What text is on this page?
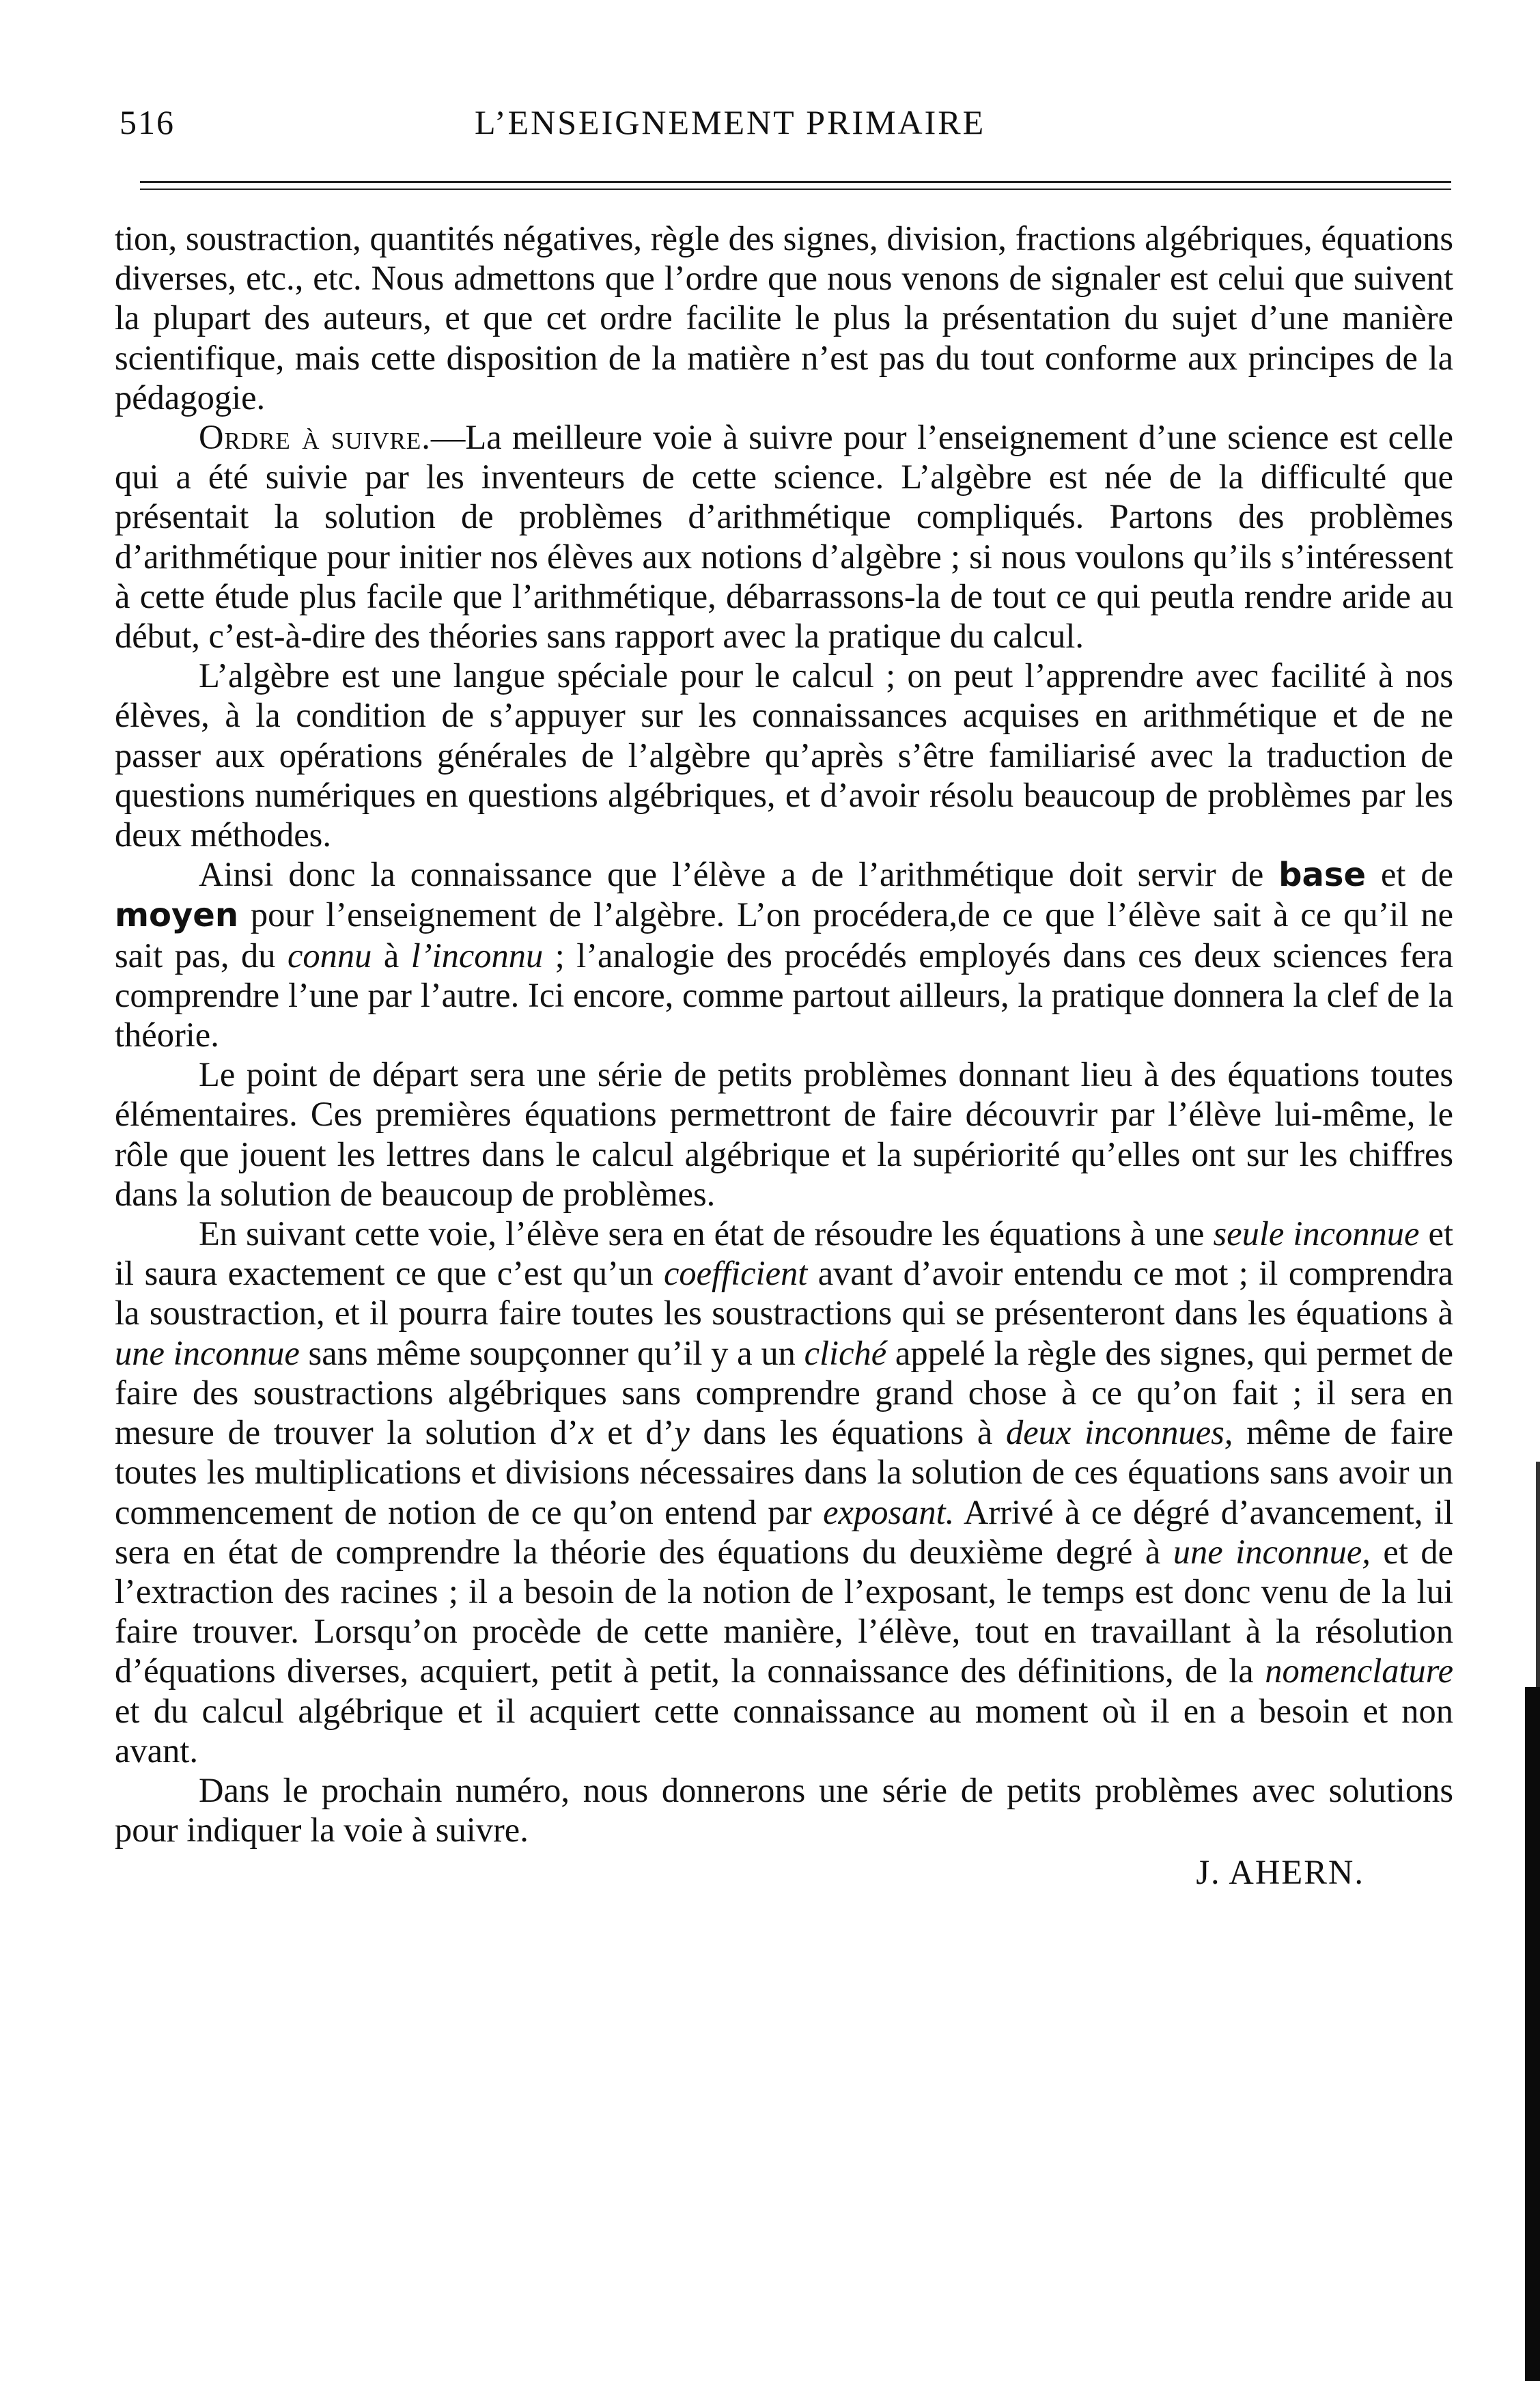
516	L’ENSEIGNEMENT PRIMAIRE

tion, soustraction, quantités négatives, règle des signes, division, fractions algébriques, équations diverses, etc., etc. Nous admettons que l’ordre que nous venons de signaler est celui que suivent la plupart des auteurs, et que cet ordre facilite le plus la présentation du sujet d’une manière scientifique, mais cette disposition de la matière n’est pas du tout conforme aux principes de la pédagogie.

Ordre à suivre.—La meilleure voie à suivre pour l’enseignement d’une science est celle qui a été suivie par les inventeurs de cette science. L’algèbre est née de la difficulté que présentait la solution de problèmes d’arithmétique compliqués. Partons des problèmes d’arithmétique pour initier nos élèves aux notions d’algèbre ; si nous voulons qu’ils s’intéressent à cette étude plus facile que l’arithmétique, débarrassons-la de tout ce qui peutla rendre aride au début, c’est-à-dire des théories sans rapport avec la pratique du calcul.

L’algèbre est une langue spéciale pour le calcul ; on peut l’apprendre avec facilité à nos élèves, à la condition de s’appuyer sur les connaissances acquises en arithmétique et de ne passer aux opérations générales de l’algèbre qu’après s’être familiarisé avec la traduction de questions numériques en questions algébriques, et d’avoir résolu beaucoup de problèmes par les deux méthodes.

Ainsi donc la connaissance que l’élève a de l’arithmétique doit servir de base et de moyen pour l’enseignement de l’algèbre. L’on procédera,de ce que l’élève sait à ce qu’il ne sait pas, du connu à l’inconnu ; l’analogie des procédés employés dans ces deux sciences fera comprendre l’une par l’autre. Ici encore, comme partout ailleurs, la pratique donnera la clef de la théorie.

Le point de départ sera une série de petits problèmes donnant lieu à des équations toutes élémentaires. Ces premières équations permettront de faire découvrir par l’élève lui-même, le rôle que jouent les lettres dans le calcul algébrique et la supériorité qu’elles ont sur les chiffres dans la solution de beaucoup de problèmes.

En suivant cette voie, l’élève sera en état de résoudre les équations à une seule inconnue et il saura exactement ce que c’est qu’un coefficient avant d’avoir entendu ce mot ; il comprendra la soustraction, et il pourra faire toutes les soustractions qui se présenteront dans les équations à une inconnue sans même soupçonner qu’il y a un cliché appelé la règle des signes, qui permet de faire des soustractions algébriques sans comprendre grand chose à ce qu’on fait ; il sera en mesure de trouver la solution d’x et d’y dans les équations à deux inconnues, même de faire toutes les multiplications et divisions nécessaires dans la solution de ces équations sans avoir un commencement de notion de ce qu’on entend par exposant. Arrivé à ce dégré d’avancement, il sera en état de comprendre la théorie des équations du deuxième degré à une inconnue, et de l’extraction des racines ; il a besoin de la notion de l’exposant, le temps est donc venu de la lui faire trouver. Lorsqu’on procède de cette manière, l’élève, tout en travaillant à la résolution d’équations diverses, acquiert, petit à petit, la connaissance des définitions, de la nomenclature et du calcul algébrique et il acquiert cette connaissance au moment où il en a besoin et non avant.

Dans le prochain numéro, nous donnerons une série de petits problèmes avec solutions pour indiquer la voie à suivre.

J. AHERN.
